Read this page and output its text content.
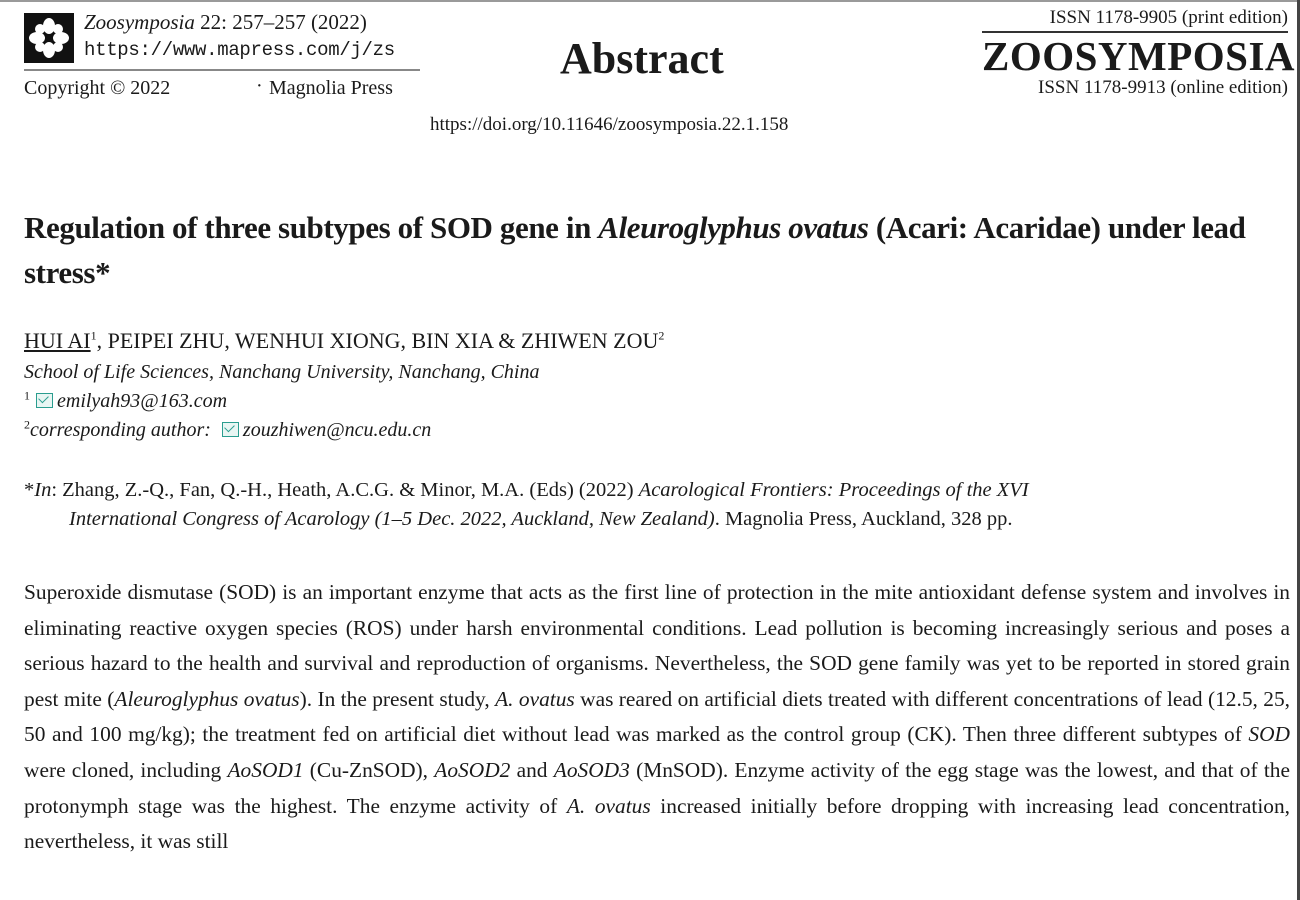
Zoosymposia 22: 257–257 (2022)
https://www.mapress.com/j/zs
Copyright © 2022	· Magnolia Press
Abstract
https://doi.org/10.11646/zoosymposia.22.1.158
ISSN 1178-9905 (print edition)
ZOOSYMPOSIA
ISSN 1178-9913 (online edition)
Regulation of three subtypes of SOD gene in Aleuroglyphus ovatus (Acari: Acaridae) under lead stress*
HUI $AI^1$, PEIPEI ZHU, WENHUI XIONG, BIN XIA & ZHIWEN ZOU$^2$
School of Life Sciences, Nanchang University, Nanchang, China
$^1$ emilyah93@163.com
$^2$corresponding author: zouzhiwen@ncu.edu.cn
*In: Zhang, Z.-Q., Fan, Q.-H., Heath, A.C.G. & Minor, M.A. (Eds) (2022) Acarological Frontiers: Proceedings of the XVI
International Congress of Acarology (1–5 Dec. 2022, Auckland, New Zealand). Magnolia Press, Auckland, 328 pp.
Superoxide dismutase (SOD) is an important enzyme that acts as the first line of protection in the mite antioxidant defense system and involves in eliminating reactive oxygen species (ROS) under harsh environmental conditions. Lead pollution is becoming increasingly serious and poses a serious hazard to the health and survival and reproduction of organisms. Nevertheless, the SOD gene family was yet to be reported in stored grain pest mite (Aleuroglyphus ovatus). In the present study, A. ovatus was reared on artificial diets treated with different concentrations of lead (12.5, 25, 50 and 100 mg/kg); the treatment fed on artificial diet without lead was marked as the control group (CK). Then three different subtypes of SOD were cloned, including AoSOD1 (Cu-ZnSOD), AoSOD2 and AoSOD3 (MnSOD). Enzyme activity of the egg stage was the lowest, and that of the protonymph stage was the highest. The enzyme activity of A. ovatus increased initially before dropping with increasing lead concentration, nevertheless, it was still
